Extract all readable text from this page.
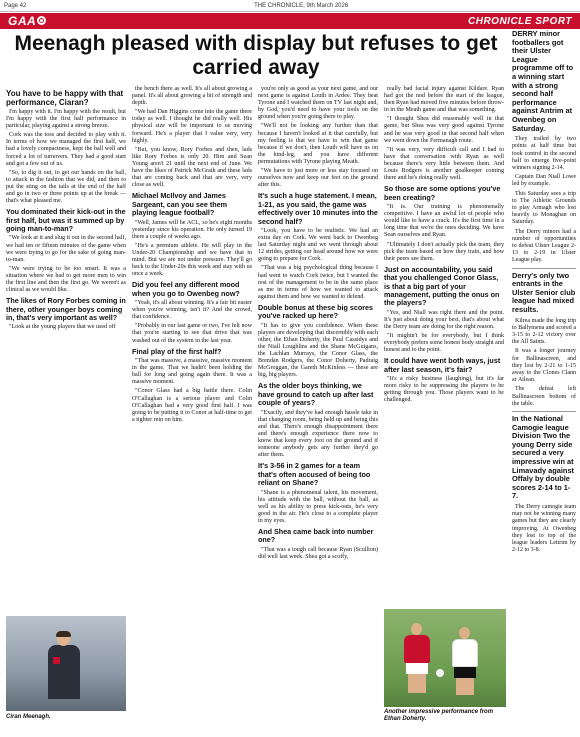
Page 42	THE CHRONICLE, 9th March 2026
GAA	CHRONICLE SPORT
Meenagh pleased with display but refuses to get carried away
You have to be happy with that performance, Ciaran?

I'm happy with it. I'm happy with the result, but I'm happy with the first half performance in particular, playing against a strong breeze.

Cork was the toss and decided to play with it. In terms of how we managed the first half, we had a lovely compactness, kept the ball well and forced a lot of turnovers. They had a good start and got a few out of us.

"So, to dig it out, to get our hands on the ball, to attack in the fashion that we did, and then to put the sting on the tails at the end of the half and go in two or three points up at the break — that's what pleased me.

You dominated their kick-out in the first half, but was it summed up by going man-to-man?

"We look at it and slug it out in the second half, we had ten or fifteen minutes of the game when we were trying to go for the sake of going man-to-man.

"We were trying to be too smart. It was a situation where we had to get more men to win the first line and then the first go. We weren't as clinical as we would like.

The likes of Rory Forbes coming in there, other younger boys coming in, that's very important as well?

"Look at the young players that we used off

Ciran Meenagh.

the bench there as well. It's all about growing a panel. It's all about growing a bit of strength and depth.

"We had Dan Higgins come into the game there today as well. I thought he did really well. His physical size will be important to us moving forward. He's a player that I value very, very highly.

"But, you know, Rory Forbes and then, lads like Rory Forbes is only 20. Him and Sean Young aren't 21 until the next end of June. We have the likes of Patrick McGrath and these lads that are coming back and that are very, very close as well.

Michael McIlvoy and James Sargeant, can you see them playing league football?

"Well, James will be ACL, so he's eight months yesterday since his operation. He only turned 19 there a couple of weeks ago.

"He's a premium athlete. He will play in the Under-20 Championship and we have that in mind. But we are not under pressure. They'll go back to the Under-20s this week and stay with us once a week.

Did you feel any different mood when you go to Owenbeg now?

"Yeah, it's all about winning. It's a fair bit easier when you're winning, isn't it? And the crowd, that confidence.

"Probably in our last game or two, I've felt now that you're starting to see that drive that was washed out of the system in the last year.

Final play of the first half?

"That was massive, a massive, massive moment in the game. That we hadn't been holding the ball for long and going again there. It was a massive moment.

"Conor Glass had a big battle there. Colin O'Callaghan is a serious player and Colin O'Callaghan had a very good first half. I was going to be putting it to Conor at half-time to get a tighter rein on him.

you're only as good as your next game, and our next game is against Louth in Ardee. They beat Tyrone and I watched them on TV last night and, by God, you'd need to have your tools on the ground when you're going there to play.

"We'll not be looking any further than that because I haven't looked at it that carefully, but my feeling is that we have to win that game because if we don't, then Louth will have us on the hind-leg, and you have different permutations with Tyrone playing Meath.

"We have to just more or less stay focused on ourselves now and keep our feet on the ground after this.

It's such a huge statement. I mean, 1-21, as you said, the game was effectively over 10 minutes into the second half?

"Look, you have to be realistic. We had an extra day on Cork. We went back to Owenbeg last Saturday night and we went through about 12 strides, getting our head around how we were going to prepare for Cork.

"That was a big psychological thing because I had went to watch Cork twice, but I wanted the rest of the management to be in the same place as me in terms of how we wanted to attack against them and how we wanted to defend.

Double bonus at these big scores you've racked up here?

"It has to give you confidence. When these players are developing that discernibly with each other, the Ethan Doherty, the Paul Cassidys and the Niall Loughlins and the Shane McGuigans, the Lachlan Murrays, the Conor Glass, the Brendan Rodgers, the Conor Doherty, Padraig McGroggan, the Gareth McKinless — these are big, big players.

As the older boys thinking, we have ground to catch up after last couple of years?

"Exactly, and they've had enough hassle take in that changing room, being held up and being this and that. There's enough disappointment there and there's enough experience there now to know that keep every foot on the ground and if someone anybody gets any further they'd go after them.

It's 3-56 in 2 games for a team that's often accused of being too reliant on Shane?

"Shane is a phenomenal talent, his movement, his attitude with the ball, without the ball, as well as his ability to press kick-outs, he's very good in the air. He's close to a complete player in my eyes.

And Shea came back into number one?

"That was a tough call because Ryan (Scullion) did well last week. Shea got a scoffy,

really bad facial injury against Kildare. Ryan had got the nod before the start of the league, then Ryan had moved five minutes before throw-in in the Meath game and that was something.

"I thought Shea did reasonably well in that game, but Shea was very good against Tyrone and he was very good in that second half when we went down the Fermanagh route.

"It was very, very difficult call and I had to have that conversation with Ryan as well because there's very little between them. And Louis Rodgers is another goalkeeper coming there and he's doing really well.

So those are some options you've been creating?

"It is. Our training is phenomenally competitive. I have an awful lot of people who would like to have a crack. It's the first time in a long time that we're the ones deciding. We have Sean ourselves and Ryan.

"Ultimately I don't actually pick the team, they pick the team based on how they train, and how their peers see them.

Just on accountability, you said that you challenged Conor Glass, is that a big part of your management, putting the onus on the players?

"Yes, and Niall was right there and the point. It's just about doing your best, that's about what the Derry team are doing for the right reason.

"It mightn't be for everybody, but I think everybody prefers some honest body straight and honest and to the point.

It could have went both ways, just after last season, it's fair?

"It's a risky business (laughing), but it's far more risky to be suppressing the players to be getting through you. Those players want to be challenged.

Another impressive performance from Ethan Doherty.
DERRY minor footballers got their Ulster League programme off to a winning start with a strong second half performance against Antrim at Owenbeg on Saturday.

They trailed by two points at half time but took control in the second half to emerge five-point winners signing 2-14.

Captain Dan Niall Lowe led by example.

This Saturday sees a trip to The Athletic Grounds to play Armagh who lost heavily to Monaghan on Saturday.

The Derry minors had a number of opportunities to defeat Ulster League 2-13 to 2-19 in Ulster League play.

Derry's only two entrants in the Ulster Senior club league had mixed results.

Kilrea made the long trip to Ballymena and scored a 3-15 to 2-12 victory over the All Saints.

It was a longer journey for Ballinascreen, and they lost by 2-21 to 1-15 away to the Clones Clann ar Ailean.

The defeat left Ballinascreen bottom of the table.

In the National Camogie league Division Two the young Derry side secured a very impressive win at Limavady against Offaly by double scores 2-14 to 1-7.

The Derry camogie team may not be winning many games but they are clearly improving. At Owenbeg they lost to top of the league leaders Leitrim by 2-12 to 3-8.
